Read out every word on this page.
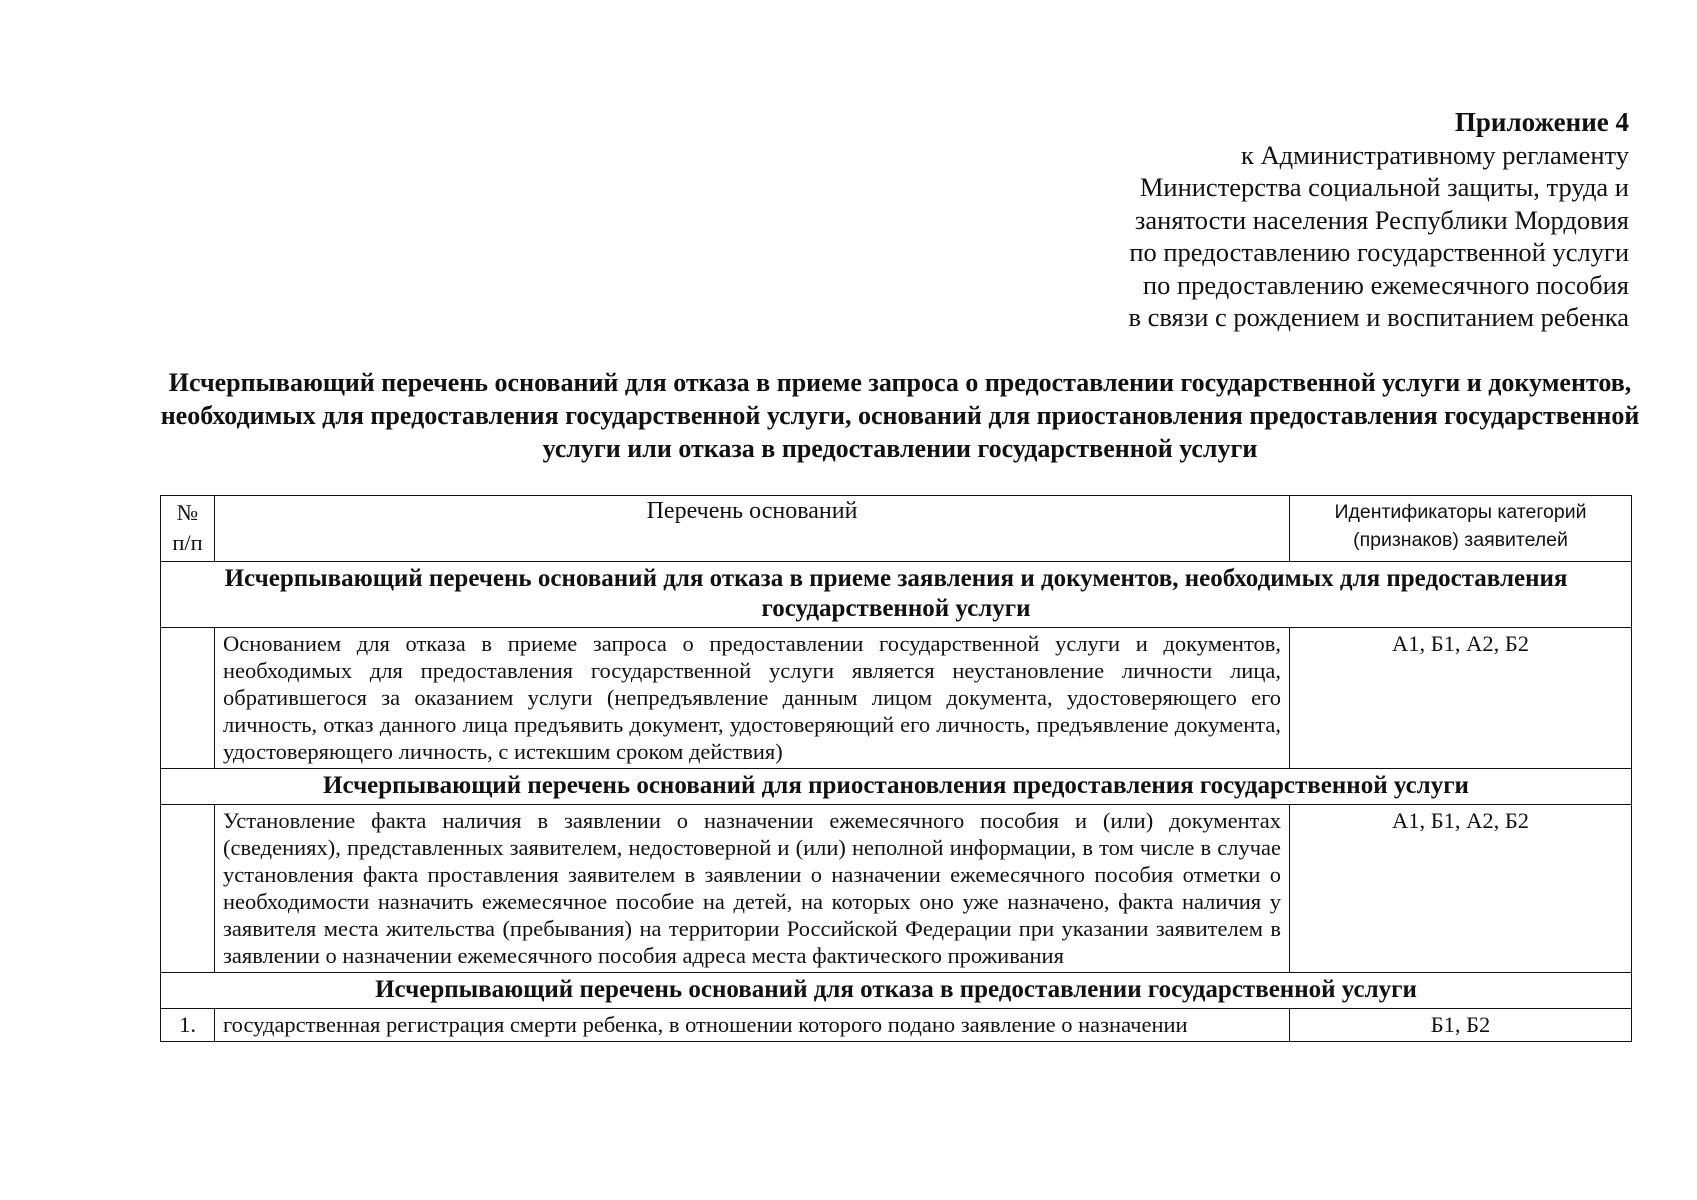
Приложение 4
к Административному регламенту
Министерства социальной защиты, труда и
занятости населения Республики Мордовия
по предоставлению государственной услуги
по предоставлению ежемесячного пособия
в связи с рождением и воспитанием ребенка
Исчерпывающий перечень оснований для отказа в приеме запроса о предоставлении государственной услуги и документов, необходимых для предоставления государственной услуги, оснований для приостановления предоставления государственной услуги или отказа в предоставлении государственной услуги
№ п/п	Перечень оснований	Идентификаторы категорий (признаков) заявителей
Исчерпывающий перечень оснований для отказа в приеме заявления и документов, необходимых для предоставления государственной услуги		
	Основанием для отказа в приеме запроса о предоставлении государственной услуги и документов, необходимых для предоставления государственной услуги является неустановление личности лица, обратившегося за оказанием услуги (непредъявление данным лицом документа, удостоверяющего его личность, отказ данного лица предъявить документ, удостоверяющий его личность, предъявление документа, удостоверяющего личность, с истекшим сроком действия)	А1, Б1, А2, Б2
Исчерпывающий перечень оснований для приостановления предоставления государственной услуги		
	Установление факта наличия в заявлении о назначении ежемесячного пособия и (или) документах (сведениях), представленных заявителем, недостоверной и (или) неполной информации, в том числе в случае установления факта проставления заявителем в заявлении о назначении ежемесячного пособия отметки о необходимости назначить ежемесячное пособие на детей, на которых оно уже назначено, факта наличия у заявителя места жительства (пребывания) на территории Российской Федерации при указании заявителем в заявлении о назначении ежемесячного пособия адреса места фактического проживания	А1, Б1, А2, Б2
Исчерпывающий перечень оснований для отказа в предоставлении государственной услуги		
1.	государственная регистрация смерти ребенка, в отношении которого подано заявление о назначении	Б1, Б2
